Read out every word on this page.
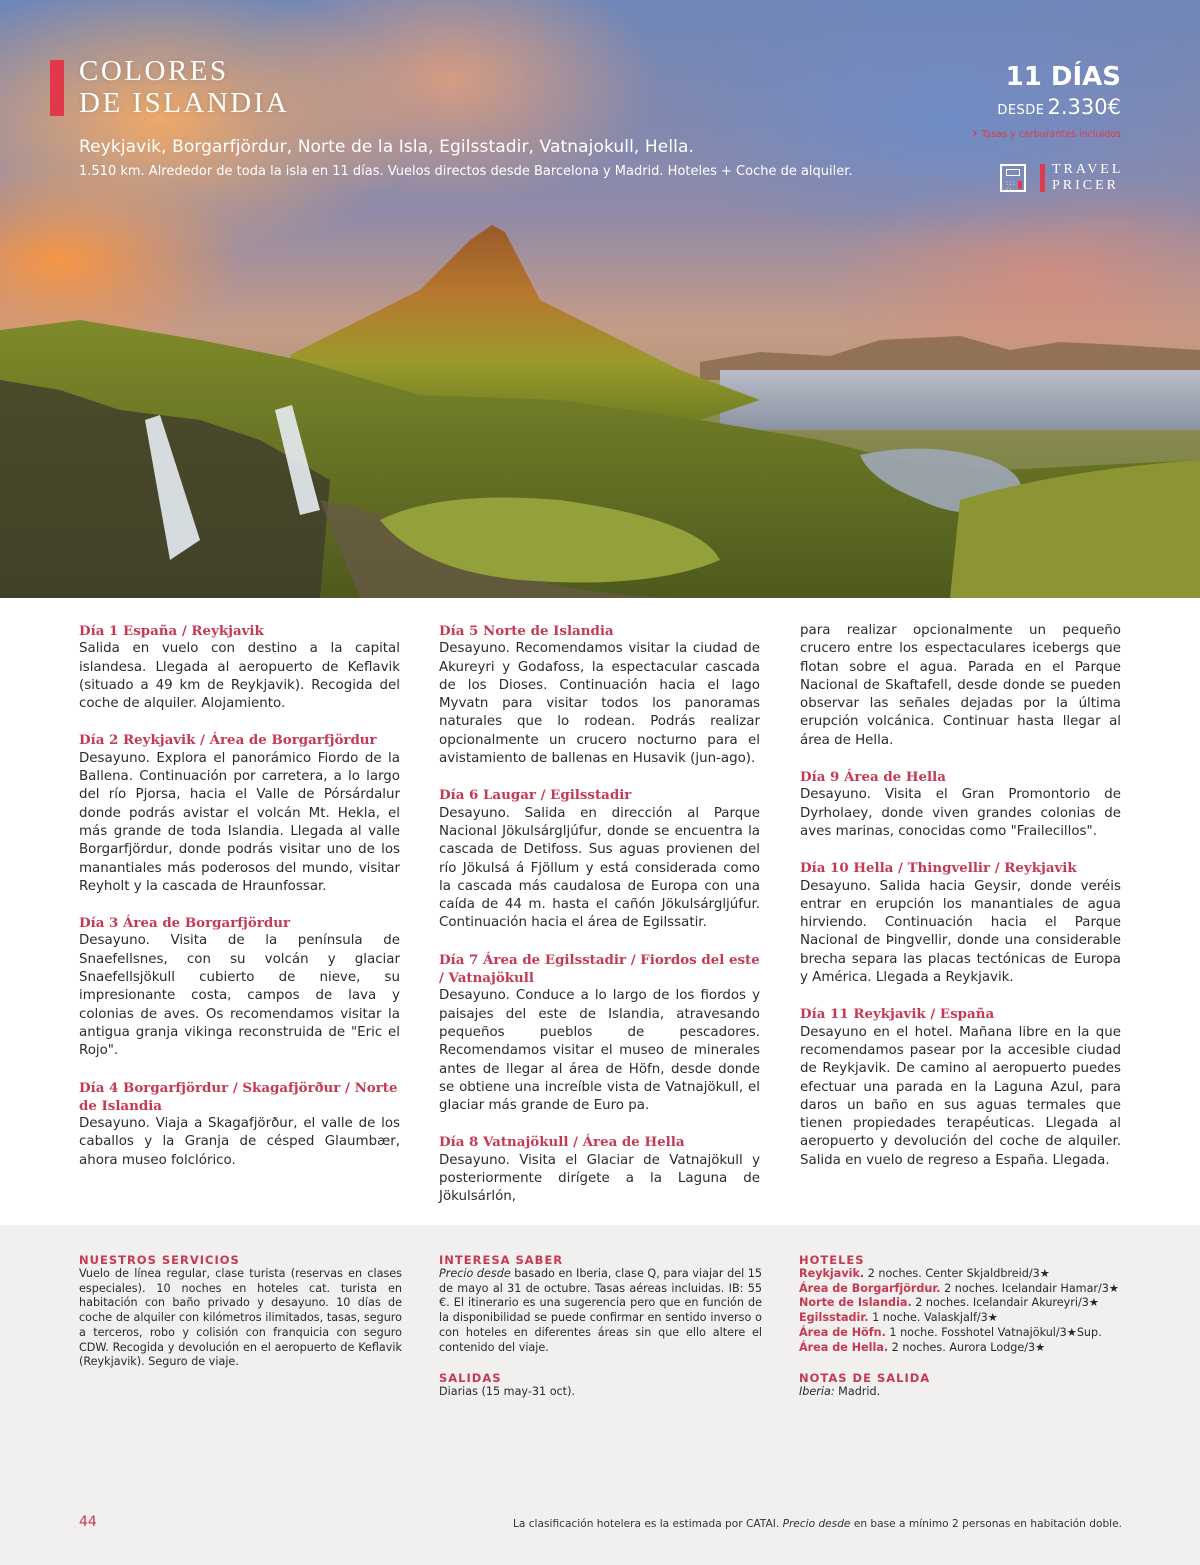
COLORES
DE ISLANDIA
Reykjavik, Borgarfjördur, Norte de la Isla, Egilsstadir, Vatnajokull, Hella.
1.510 km. Alrededor de toda la isla en 11 días. Vuelos directos desde Barcelona y Madrid. Hoteles + Coche de alquiler.
11 DÍAS
DESDE 2.330€
› Tasas y carburantes incluidos
:::
::
TRAVEL
PRICER
Día 1 España / Reykjavik

Salida en vuelo con destino a la capital islandesa. Llegada al aeropuerto de Keflavik (situado a 49 km de Reykjavik). Recogida del coche de alquiler. Alojamiento.

Día 2 Reykjavik / Área de Borgarfjördur

Desayuno. Explora el panorámico Fiordo de la Ballena. Continuación por carretera, a lo largo del río Pjorsa, hacia el Valle de Pórsárdalur donde podrás avistar el volcán Mt. Hekla, el más grande de toda Islandia. Llegada al valle Borgarfjördur, donde podrás visitar uno de los manantiales más poderosos del mundo, visitar Reyholt y la cascada de Hraunfossar.

Día 3 Área de Borgarfjördur

Desayuno. Visita de la península de Snaefellsnes, con su volcán y glaciar Snaefellsjökull cubierto de nieve, su impresionante costa, campos de lava y colonias de aves. Os recomendamos visitar la antigua granja vikinga reconstruida de "Eric el Rojo".

Día 4 Borgarfjördur / Skagafjörður / Norte de Islandia

Desayuno. Viaja a Skagafjörður, el valle de los caballos y la Granja de césped Glaumbær, ahora museo folclórico.

Día 5 Norte de Islandia

Desayuno. Recomendamos visitar la ciudad de Akureyri y Godafoss, la espectacular cascada de los Dioses. Continuación hacia el lago Myvatn para visitar todos los panoramas naturales que lo rodean. Podrás realizar opcionalmente un crucero nocturno para el avistamiento de ballenas en Husavik (jun-ago).

Día 6 Laugar / Egilsstadir

Desayuno. Salida en dirección al Parque Nacional Jökulsárgljúfur, donde se encuentra la cascada de Detifoss. Sus aguas provienen del río Jökulsá á Fjöllum y está considerada como la cascada más caudalosa de Europa con una caída de 44 m. hasta el cañón Jökulsárgljúfur. Continuación hacia el área de Egilssatir.

Día 7 Área de Egilsstadir / Fiordos del este / Vatnajökull

Desayuno. Conduce a lo largo de los fiordos y paisajes del este de Islandia, atravesando pequeños pueblos de pescadores. Recomendamos visitar el museo de minerales antes de llegar al área de Höfn, desde donde se obtiene una increíble vista de Vatnajökull, el glaciar más grande de Euro pa.

Día 8 Vatnajökull / Área de Hella

Desayuno. Visita el Glaciar de Vatnajökull y posteriormente dirígete a la Laguna de Jökulsárlón,

para realizar opcionalmente un pequeño crucero entre los espectaculares icebergs que flotan sobre el agua. Parada en el Parque Nacional de Skaftafell, desde donde se pueden observar las señales dejadas por la última erupción volcánica. Continuar hasta llegar al área de Hella.

Día 9 Área de Hella

Desayuno. Visita el Gran Promontorio de Dyrholaey, donde viven grandes colonias de aves marinas, conocidas como "Frailecillos".

Día 10 Hella / Thingvellir / Reykjavik

Desayuno. Salida hacia Geysir, donde veréis entrar en erupción los manantiales de agua hirviendo. Continuación hacia el Parque Nacional de Þingvellir, donde una considerable brecha separa las placas tectónicas de Europa y América. Llegada a Reykjavik.

Día 11 Reykjavik / España

Desayuno en el hotel. Mañana libre en la que recomendamos pasear por la accesible ciudad de Reykjavik. De camino al aeropuerto puedes efectuar una parada en la Laguna Azul, para daros un baño en sus aguas termales que tienen propiedades terapéuticas. Llegada al aeropuerto y devolución del coche de alquiler. Salida en vuelo de regreso a España. Llegada.

NUESTROS SERVICIOS

Vuelo de línea regular, clase turista (reservas en clases especiales). 10 noches en hoteles cat. turista en habitación con baño privado y desayuno. 10 días de coche de alquiler con kilómetros ilimitados, tasas, seguro a terceros, robo y colisión con franquicia con seguro CDW. Recogida y devolución en el aeropuerto de Keflavik (Reykjavik). Seguro de viaje.

INTERESA SABER

Precio desde basado en Iberia, clase Q, para viajar del 15 de mayo al 31 de octubre. Tasas aéreas incluidas. IB: 55 €. El itinerario es una sugerencia pero que en función de la disponibilidad se puede confirmar en sentido inverso o con hoteles en diferentes áreas sin que ello altere el contenido del viaje.

SALIDAS

Diarias (15 may-31 oct).

HOTELES
Reykjavik. 2 noches. Center Skjaldbreid/3★
Área de Borgarfjördur. 2 noches. Icelandair Hamar/3★
Norte de Islandia. 2 noches. Icelandair Akureyri/3★
Egilsstadir. 1 noche. Valaskjalf/3★
Área de Höfn. 1 noche. Fosshotel Vatnajökul/3★Sup.
Área de Hella. 2 noches. Aurora Lodge/3★
NOTAS DE SALIDA

Iberia: Madrid.

44	La clasificación hotelera es la estimada por CATAI. Precio desde en base a mínimo 2 personas en habitación doble.
